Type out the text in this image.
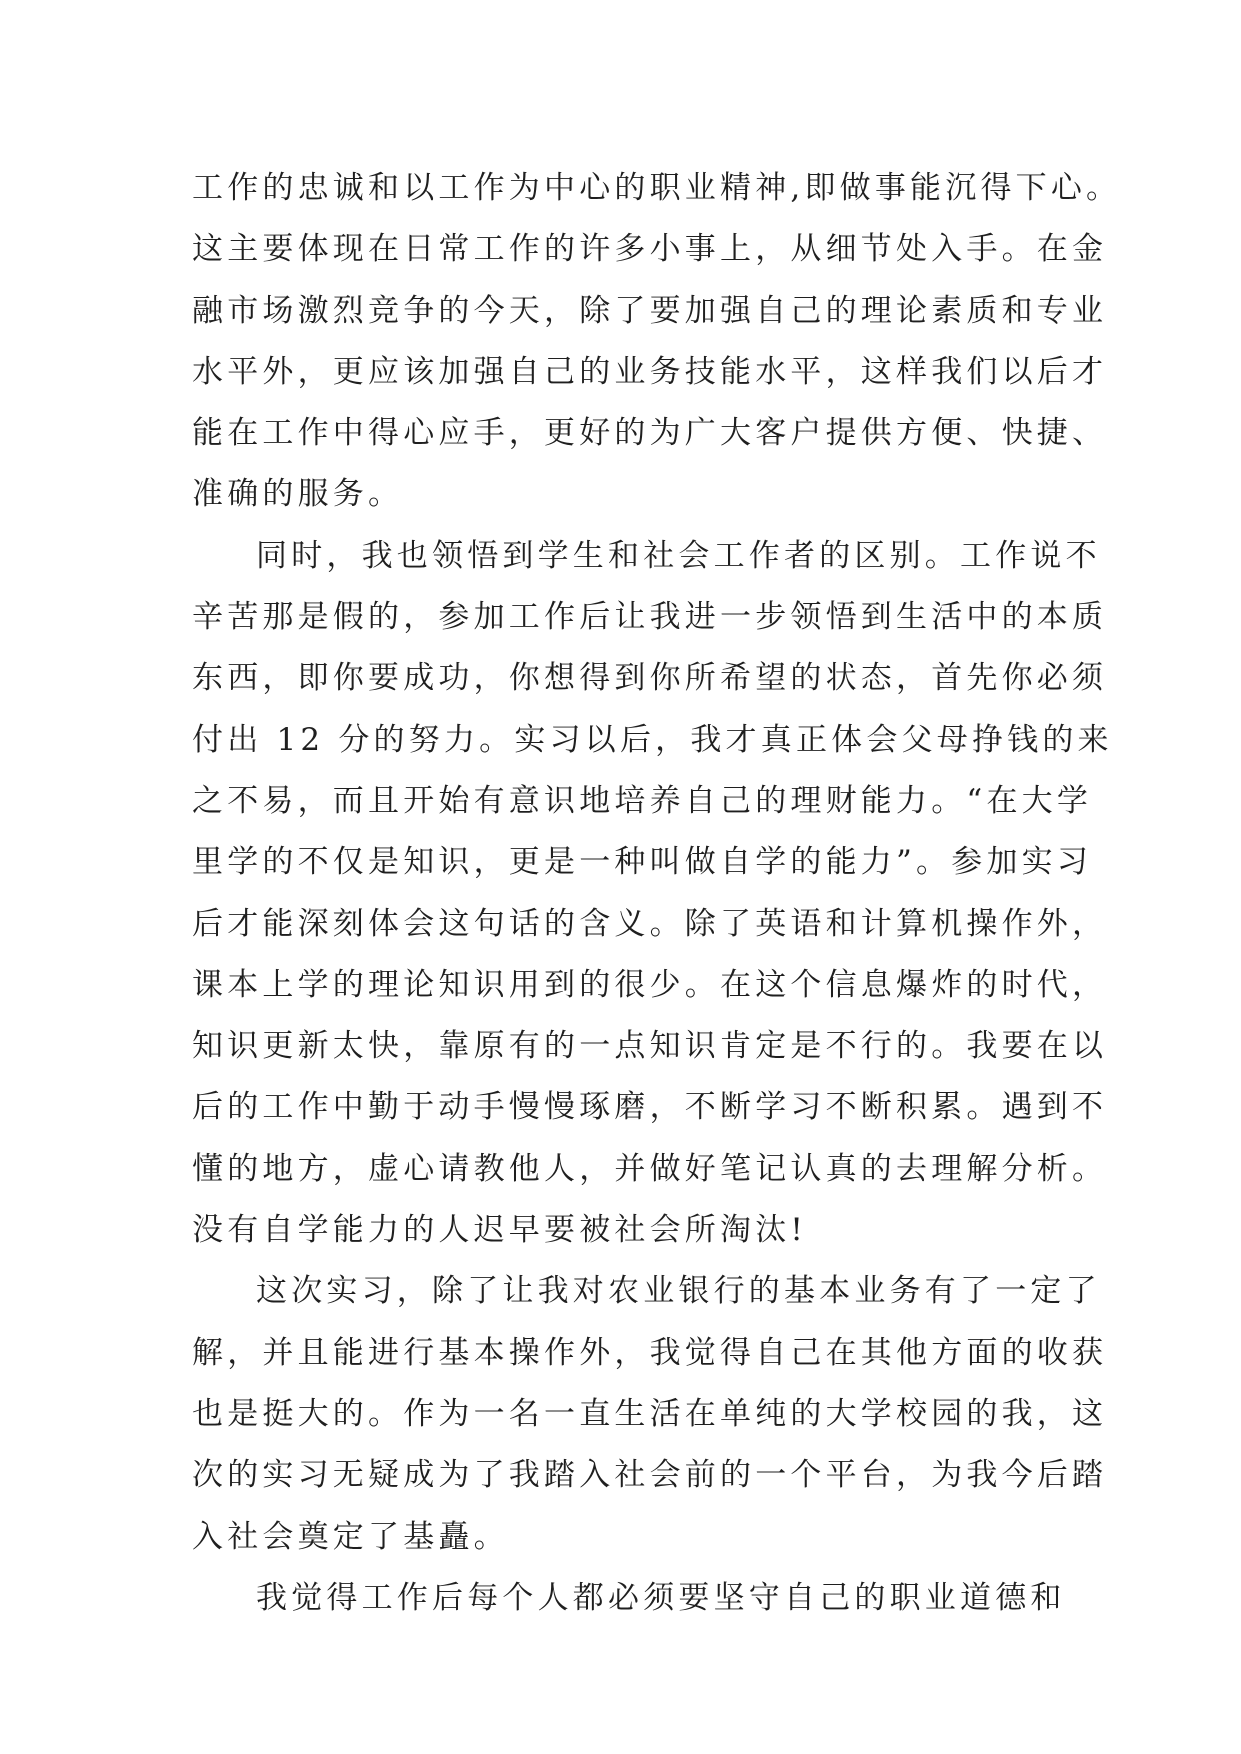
工作的忠诚和以工作为中心的职业精神,即做事能沉得下心。
这主要体现在日常工作的许多小事上，从细节处入手。在金
融市场激烈竞争的今天，除了要加强自己的理论素质和专业
水平外，更应该加强自己的业务技能水平，这样我们以后才
能在工作中得心应手，更好的为广大客户提供方便、快捷、
准确的服务。
同时，我也领悟到学生和社会工作者的区别。工作说不
辛苦那是假的，参加工作后让我进一步领悟到生活中的本质
东西，即你要成功，你想得到你所希望的状态，首先你必须
付出 12 分的努力。实习以后，我才真正体会父母挣钱的来
之不易，而且开始有意识地培养自己的理财能力。“在大学
里学的不仅是知识，更是一种叫做自学的能力”。参加实习
后才能深刻体会这句话的含义。除了英语和计算机操作外，
课本上学的理论知识用到的很少。在这个信息爆炸的时代，
知识更新太快，靠原有的一点知识肯定是不行的。我要在以
后的工作中勤于动手慢慢琢磨，不断学习不断积累。遇到不
懂的地方，虚心请教他人，并做好笔记认真的去理解分析。
没有自学能力的人迟早要被社会所淘汰!
这次实习，除了让我对农业银行的基本业务有了一定了
解，并且能进行基本操作外，我觉得自己在其他方面的收获
也是挺大的。作为一名一直生活在单纯的大学校园的我，这
次的实习无疑成为了我踏入社会前的一个平台，为我今后踏
入社会奠定了基矗。
我觉得工作后每个人都必须要坚守自己的职业道德和
